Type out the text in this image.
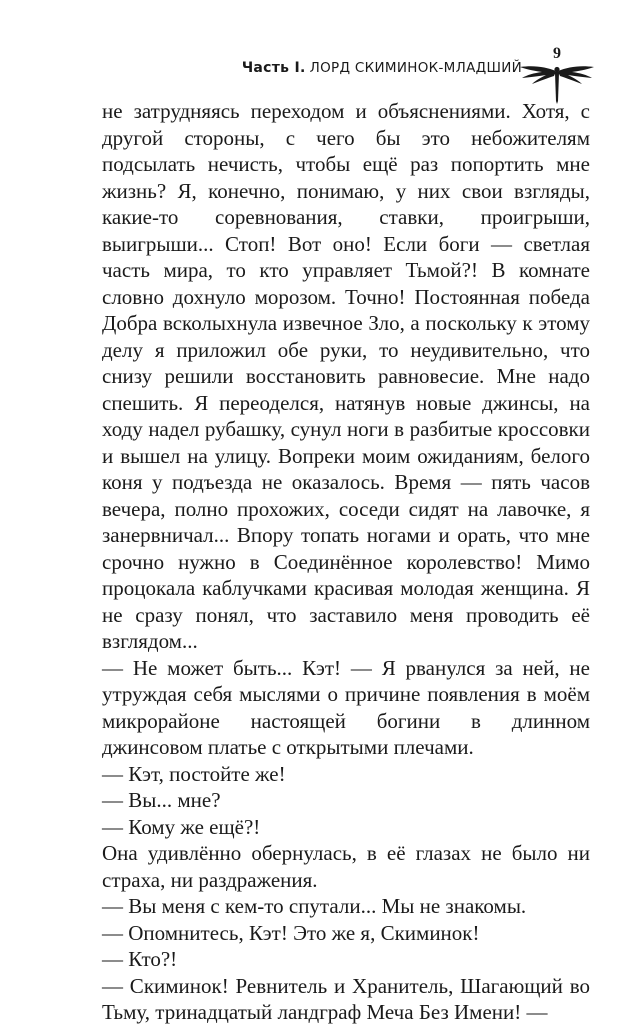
9
Часть I. ЛОРД СКИМИНОК-МЛАДШИЙ

не затрудняясь переходом и объяснениями. Хотя, с другой стороны, с чего бы это небожителям подсылать нечисть, чтобы ещё раз попортить мне жизнь? Я, конечно, понимаю, у них свои взгляды, какие-то соревнования, ставки, проигрыши, выигрыши... Стоп! Вот оно! Если боги — светлая часть мира, то кто управляет Тьмой?! В комнате словно дохнуло морозом. Точно! Постоянная победа Добра всколыхнула извечное Зло, а поскольку к этому делу я приложил обе руки, то неудивительно, что снизу решили восстановить равновесие. Мне надо спешить. Я переоделся, натянув новые джинсы, на ходу надел рубашку, сунул ноги в разбитые кроссовки и вышел на улицу. Вопреки моим ожиданиям, белого коня у подъезда не оказалось. Время — пять часов вечера, полно прохожих, соседи сидят на лавочке, я занервничал... Впору топать ногами и орать, что мне срочно нужно в Соединённое королевство! Мимо процокала каблучками красивая молодая женщина. Я не сразу понял, что заставило меня проводить её взглядом...

— Не может быть... Кэт! — Я рванулся за ней, не утруждая себя мыслями о причине появления в моём микрорайоне настоящей богини в длинном джинсовом платье с открытыми плечами.

— Кэт, постойте же!

— Вы... мне?

— Кому же ещё?!

Она удивлённо обернулась, в её глазах не было ни страха, ни раздражения.

— Вы меня с кем-то спутали... Мы не знакомы.

— Опомнитесь, Кэт! Это же я, Скиминок!

— Кто?!

— Скиминок! Ревнитель и Хранитель, Шагающий во Тьму, тринадцатый ландграф Меча Без Имени! —
